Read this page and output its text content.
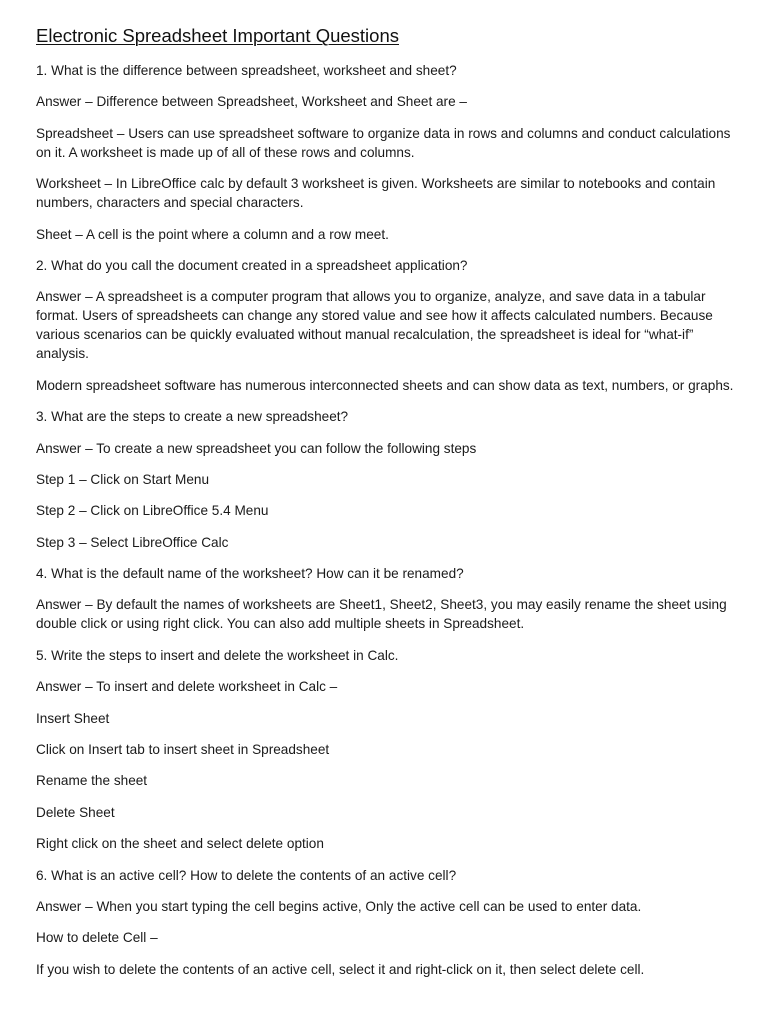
Electronic Spreadsheet Important Questions

1. What is the difference between spreadsheet, worksheet and sheet?

Answer – Difference between Spreadsheet, Worksheet and Sheet are –

Spreadsheet – Users can use spreadsheet software to organize data in rows and columns and conduct calculations on it. A worksheet is made up of all of these rows and columns.

Worksheet – In LibreOffice calc by default 3 worksheet is given. Worksheets are similar to notebooks and contain numbers, characters and special characters.

Sheet – A cell is the point where a column and a row meet.

2. What do you call the document created in a spreadsheet application?

Answer – A spreadsheet is a computer program that allows you to organize, analyze, and save data in a tabular format. Users of spreadsheets can change any stored value and see how it affects calculated numbers. Because various scenarios can be quickly evaluated without manual recalculation, the spreadsheet is ideal for “what-if” analysis.

Modern spreadsheet software has numerous interconnected sheets and can show data as text, numbers, or graphs.

3. What are the steps to create a new spreadsheet?

Answer – To create a new spreadsheet you can follow the following steps

Step 1 – Click on Start Menu

Step 2 – Click on LibreOffice 5.4 Menu

Step 3 – Select LibreOffice Calc

4. What is the default name of the worksheet? How can it be renamed?

Answer – By default the names of worksheets are Sheet1, Sheet2, Sheet3, you may easily rename the sheet using double click or using right click. You can also add multiple sheets in Spreadsheet.

5. Write the steps to insert and delete the worksheet in Calc.

Answer – To insert and delete worksheet in Calc –

Insert Sheet

Click on Insert tab to insert sheet in Spreadsheet

Rename the sheet

Delete Sheet

Right click on the sheet and select delete option

6. What is an active cell? How to delete the contents of an active cell?

Answer – When you start typing the cell begins active, Only the active cell can be used to enter data.

How to delete Cell –

If you wish to delete the contents of an active cell, select it and right-click on it, then select delete cell.
